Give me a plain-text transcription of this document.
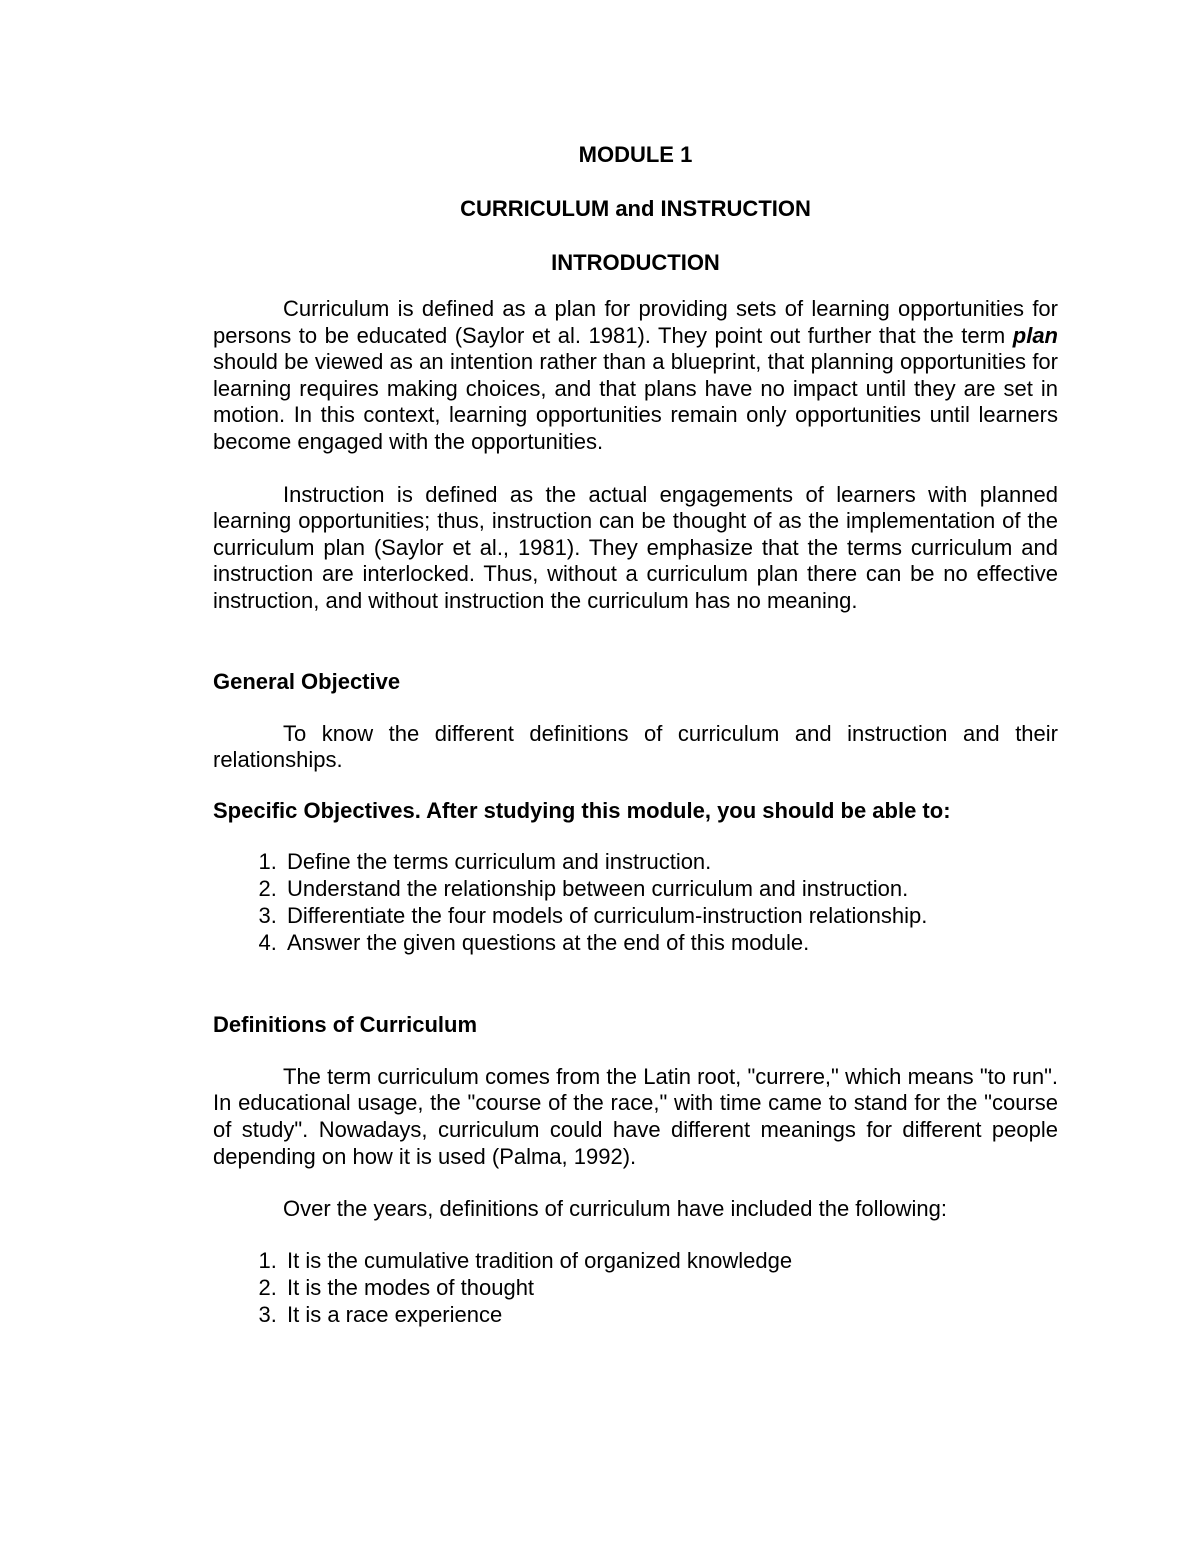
MODULE 1

CURRICULUM and INSTRUCTION

INTRODUCTION

Curriculum is defined as a plan for providing sets of learning opportunities for persons to be educated (Saylor et al. 1981). They point out further that the term plan should be viewed as an intention rather than a blueprint, that planning opportunities for learning requires making choices, and that plans have no impact until they are set in motion. In this context, learning opportunities remain only opportunities until learners become engaged with the opportunities.

Instruction is defined as the actual engagements of learners with planned learning opportunities; thus, instruction can be thought of as the implementation of the curriculum plan (Saylor et al., 1981). They emphasize that the terms curriculum and instruction are interlocked. Thus, without a curriculum plan there can be no effective instruction, and without instruction the curriculum has no meaning.

General Objective

To know the different definitions of curriculum and instruction and their relationships.

Specific Objectives. After studying this module, you should be able to:

1. Define the terms curriculum and instruction.
2. Understand the relationship between curriculum and instruction.
3. Differentiate the four models of curriculum-instruction relationship.
4. Answer the given questions at the end of this module.

Definitions of Curriculum

The term curriculum comes from the Latin root, "currere," which means "to run". In educational usage, the "course of the race," with time came to stand for the "course of study". Nowadays, curriculum could have different meanings for different people depending on how it is used (Palma, 1992).

Over the years, definitions of curriculum have included the following:

1. It is the cumulative tradition of organized knowledge
2. It is the modes of thought
3. It is a race experience
